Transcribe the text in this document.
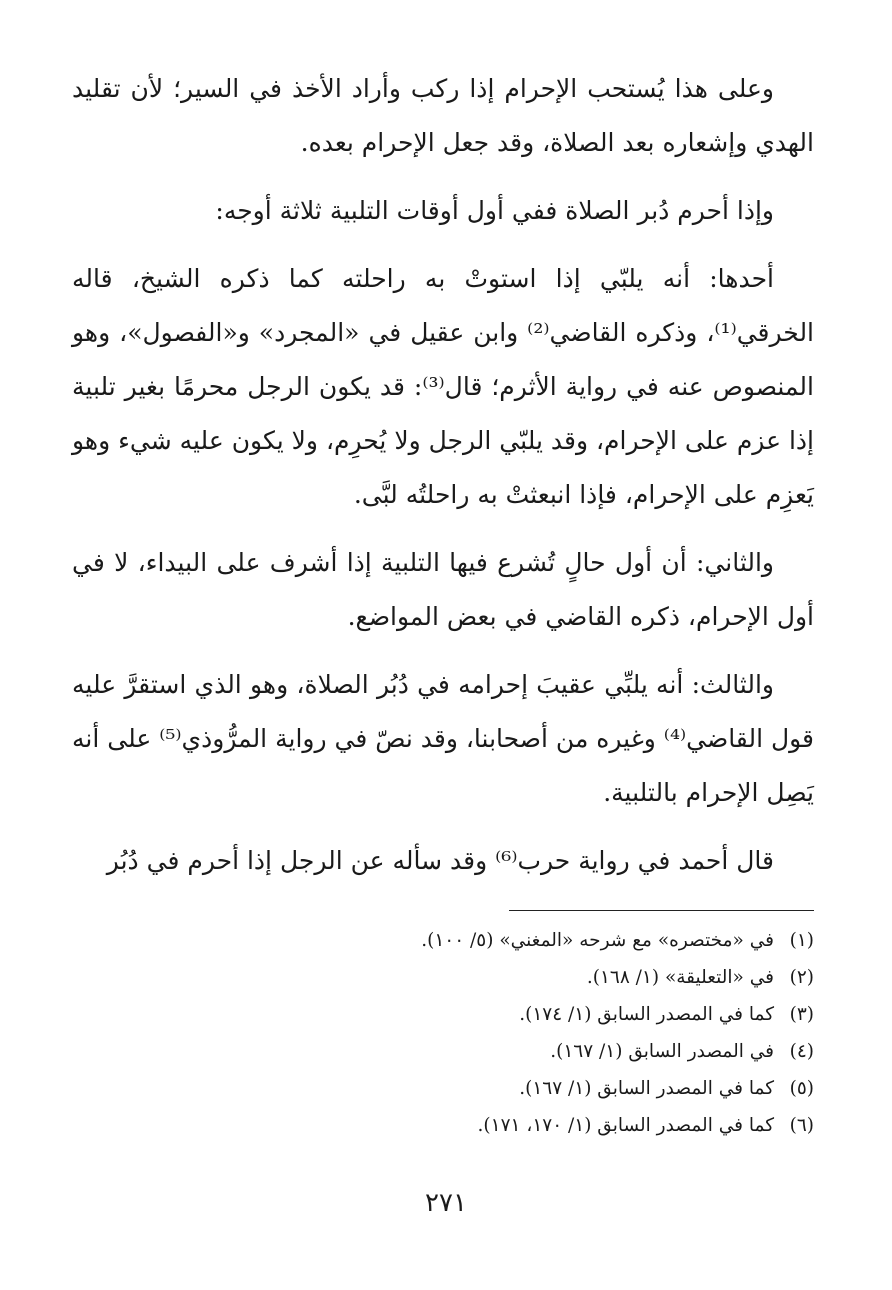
وعلى هذا يُستحب الإحرام إذا ركب وأراد الأخذ في السير؛ لأن تقليد الهدي وإشعاره بعد الصلاة، وقد جعل الإحرام بعده.

وإذا أحرم دُبر الصلاة ففي أول أوقات التلبية ثلاثة أوجه:

أحدها: أنه يلبّي إذا استوتْ به راحلته كما ذكره الشيخ، قاله الخرقي⁽¹⁾، وذكره القاضي⁽²⁾ وابن عقيل في «المجرد» و«الفصول»، وهو المنصوص عنه في رواية الأثرم؛ قال⁽³⁾: قد يكون الرجل محرمًا بغير تلبية إذا عزم على الإحرام، وقد يلبّي الرجل ولا يُحرِم، ولا يكون عليه شيء وهو يَعزِم على الإحرام، فإذا انبعثتْ به راحلتُه لبَّى.

والثاني: أن أول حالٍ تُشرع فيها التلبية إذا أشرف على البيداء، لا في أول الإحرام، ذكره القاضي في بعض المواضع.

والثالث: أنه يلبِّي عقيبَ إحرامه في دُبُر الصلاة، وهو الذي استقرَّ عليه قول القاضي⁽⁴⁾ وغيره من أصحابنا، وقد نصّ في رواية المرُّوذي⁽⁵⁾ على أنه يَصِل الإحرام بالتلبية.

قال أحمد في رواية حرب⁽⁶⁾ وقد سأله عن الرجل إذا أحرم في دُبُر

(١)في «مختصره» مع شرحه «المغني» (٥/ ١٠٠).
(٢)في «التعليقة» (١/ ١٦٨).
(٣)كما في المصدر السابق (١/ ١٧٤).
(٤)في المصدر السابق (١/ ١٦٧).
(٥)كما في المصدر السابق (١/ ١٦٧).
(٦)كما في المصدر السابق (١/ ١٧٠، ١٧١).
٢٧١
